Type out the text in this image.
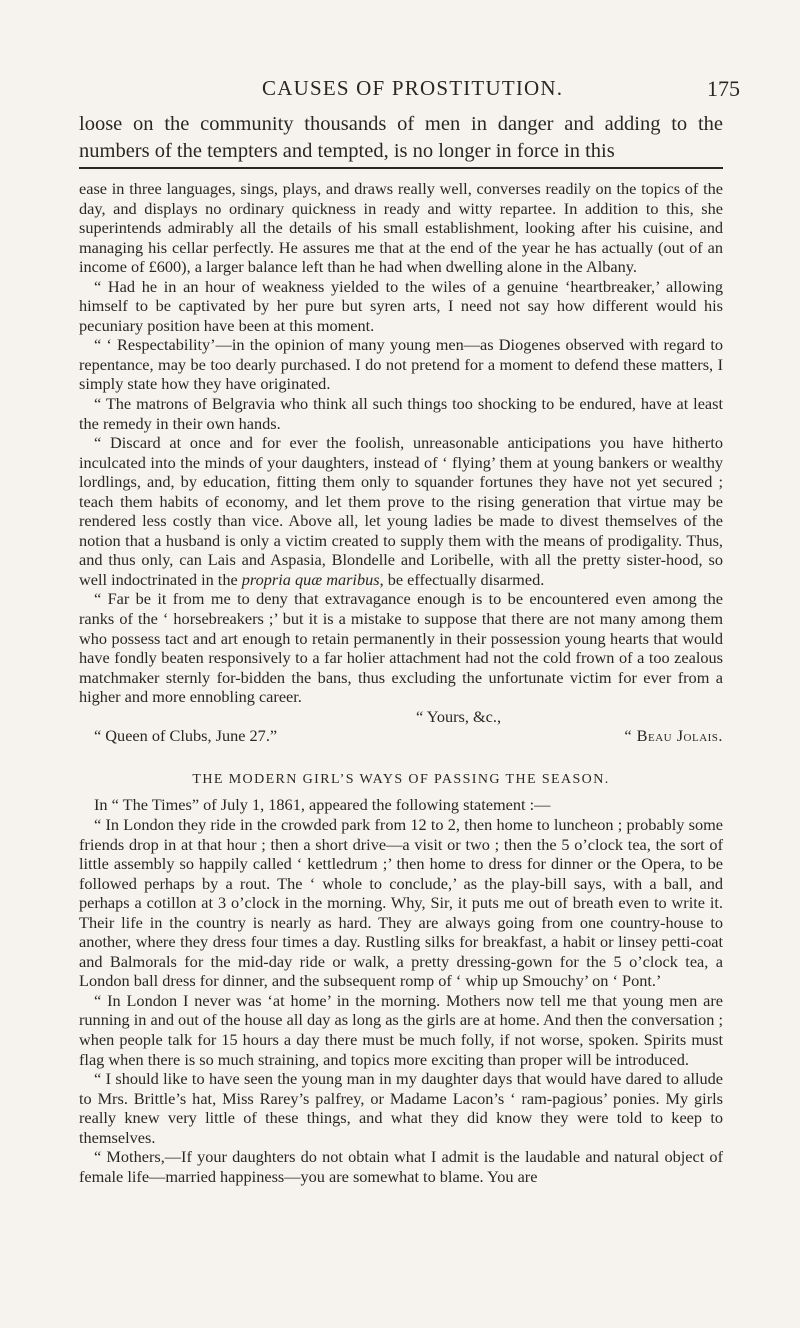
CAUSES OF PROSTITUTION.	175
loose on the community thousands of men in danger and adding to the
numbers of the tempters and tempted, is no longer in force in this

ease in three languages, sings, plays, and draws really well, converses readily on the topics of the day, and displays no ordinary quickness in ready and witty repartee. In addition to this, she superintends admirably all the details of his small establishment, looking after his cuisine, and managing his cellar perfectly. He assures me that at the end of the year he has actually (out of an income of £600), a larger balance left than he had when dwelling alone in the Albany.

“ Had he in an hour of weakness yielded to the wiles of a genuine ‘heartbreaker,’ allowing himself to be captivated by her pure but syren arts, I need not say how different would his pecuniary position have been at this moment.

“ ‘ Respectability’—in the opinion of many young men—as Diogenes observed with regard to repentance, may be too dearly purchased. I do not pretend for a moment to defend these matters, I simply state how they have originated.

“ The matrons of Belgravia who think all such things too shocking to be endured, have at least the remedy in their own hands.

“ Discard at once and for ever the foolish, unreasonable anticipations you have hitherto inculcated into the minds of your daughters, instead of ‘ flying’ them at young bankers or wealthy lordlings, and, by education, fitting them only to squander fortunes they have not yet secured ; teach them habits of economy, and let them prove to the rising generation that virtue may be rendered less costly than vice. Above all, let young ladies be made to divest themselves of the notion that a husband is only a victim created to supply them with the means of prodigality. Thus, and thus only, can Lais and Aspasia, Blondelle and Loribelle, with all the pretty sister-hood, so well indoctrinated in the propria quæ maribus, be effectually disarmed.

“ Far be it from me to deny that extravagance enough is to be encountered even among the ranks of the ‘ horsebreakers ;’ but it is a mistake to suppose that there are not many among them who possess tact and art enough to retain permanently in their possession young hearts that would have fondly beaten responsively to a far holier attachment had not the cold frown of a too zealous matchmaker sternly for-bidden the bans, thus excluding the unfortunate victim for ever from a higher and more ennobling career.

“ Yours, &c.,

“ Queen of Clubs, June 27.”	“ Beau Jolais.

THE MODERN GIRL’S WAYS OF PASSING THE SEASON.

In “ The Times” of July 1, 1861, appeared the following statement :—

“ In London they ride in the crowded park from 12 to 2, then home to luncheon ; probably some friends drop in at that hour ; then a short drive—a visit or two ; then the 5 o’clock tea, the sort of little assembly so happily called ‘ kettledrum ;’ then home to dress for dinner or the Opera, to be followed perhaps by a rout. The ‘ whole to conclude,’ as the play-bill says, with a ball, and perhaps a cotillon at 3 o’clock in the morning. Why, Sir, it puts me out of breath even to write it. Their life in the country is nearly as hard. They are always going from one country-house to another, where they dress four times a day. Rustling silks for breakfast, a habit or linsey petti-coat and Balmorals for the mid-day ride or walk, a pretty dressing-gown for the 5 o’clock tea, a London ball dress for dinner, and the subsequent romp of ‘ whip up Smouchy’ on ‘ Pont.’

“ In London I never was ‘at home’ in the morning. Mothers now tell me that young men are running in and out of the house all day as long as the girls are at home. And then the conversation ; when people talk for 15 hours a day there must be much folly, if not worse, spoken. Spirits must flag when there is so much straining, and topics more exciting than proper will be introduced.

“ I should like to have seen the young man in my daughter days that would have dared to allude to Mrs. Brittle’s hat, Miss Rarey’s palfrey, or Madame Lacon’s ‘ ram-pagious’ ponies. My girls really knew very little of these things, and what they did know they were told to keep to themselves.

“ Mothers,—If your daughters do not obtain what I admit is the laudable and natural object of female life—married happiness—you are somewhat to blame. You are
